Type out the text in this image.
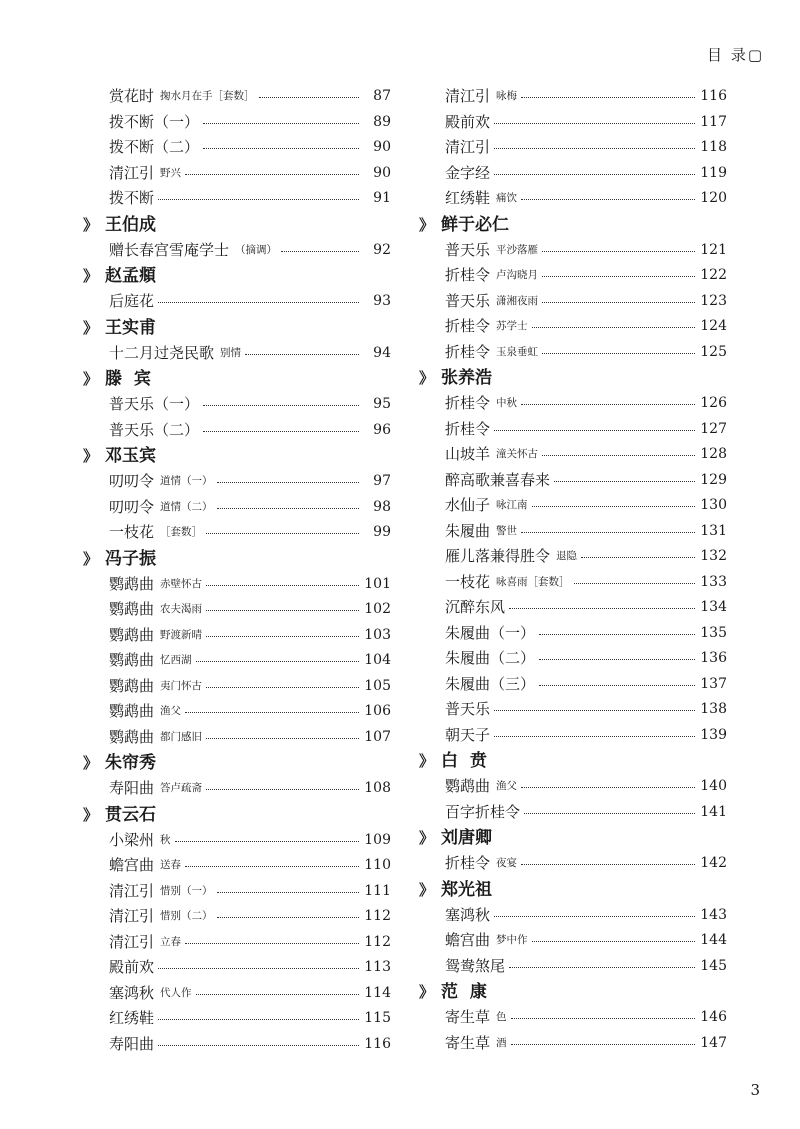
目 录▢
赏花时 掬水月在手［套数］	87
拨不断（一）	89
拨不断（二）	90
清江引 野兴	90
拨不断	91
》 王伯成
赠长春宫雪庵学士 （摘调）	92
》 赵孟頫
后庭花	93
》 王实甫
十二月过尧民歌 别情	94
》 滕  宾
普天乐（一）	95
普天乐（二）	96
》 邓玉宾
叨叨令 道情（一）	97
叨叨令 道情（二）	98
一枝花 ［套数］	99
》 冯子振
鹦鹉曲 赤壁怀古	101
鹦鹉曲 农夫渴雨	102
鹦鹉曲 野渡新晴	103
鹦鹉曲 忆西湖	104
鹦鹉曲 夷门怀古	105
鹦鹉曲 渔父	106
鹦鹉曲 都门感旧	107
》 朱帘秀
寿阳曲 答卢疏斋	108
》 贯云石
小梁州 秋	109
蟾宫曲 送春	110
清江引 惜别（一）	111
清江引 惜别（二）	112
清江引 立春	112
殿前欢	113
塞鸿秋 代人作	114
红绣鞋	115
寿阳曲	116
清江引 咏梅	116
殿前欢	117
清江引	118
金字经	119
红绣鞋 痛饮	120
》 鲜于必仁
普天乐 平沙落雁	121
折桂令 卢沟晓月	122
普天乐 潇湘夜雨	123
折桂令 苏学士	124
折桂令 玉泉垂虹	125
》 张养浩
折桂令 中秋	126
折桂令	127
山坡羊 潼关怀古	128
醉高歌兼喜春来	129
水仙子 咏江南	130
朱履曲 警世	131
雁儿落兼得胜令 退隐	132
一枝花 咏喜雨［套数］	133
沉醉东风	134
朱履曲（一）	135
朱履曲（二）	136
朱履曲（三）	137
普天乐	138
朝天子	139
》 白  贲
鹦鹉曲 渔父	140
百字折桂令	141
》 刘唐卿
折桂令 夜宴	142
》 郑光祖
塞鸿秋	143
蟾宫曲 梦中作	144
鸳鸯煞尾	145
》 范  康
寄生草 色	146
寄生草 酒	147
3
